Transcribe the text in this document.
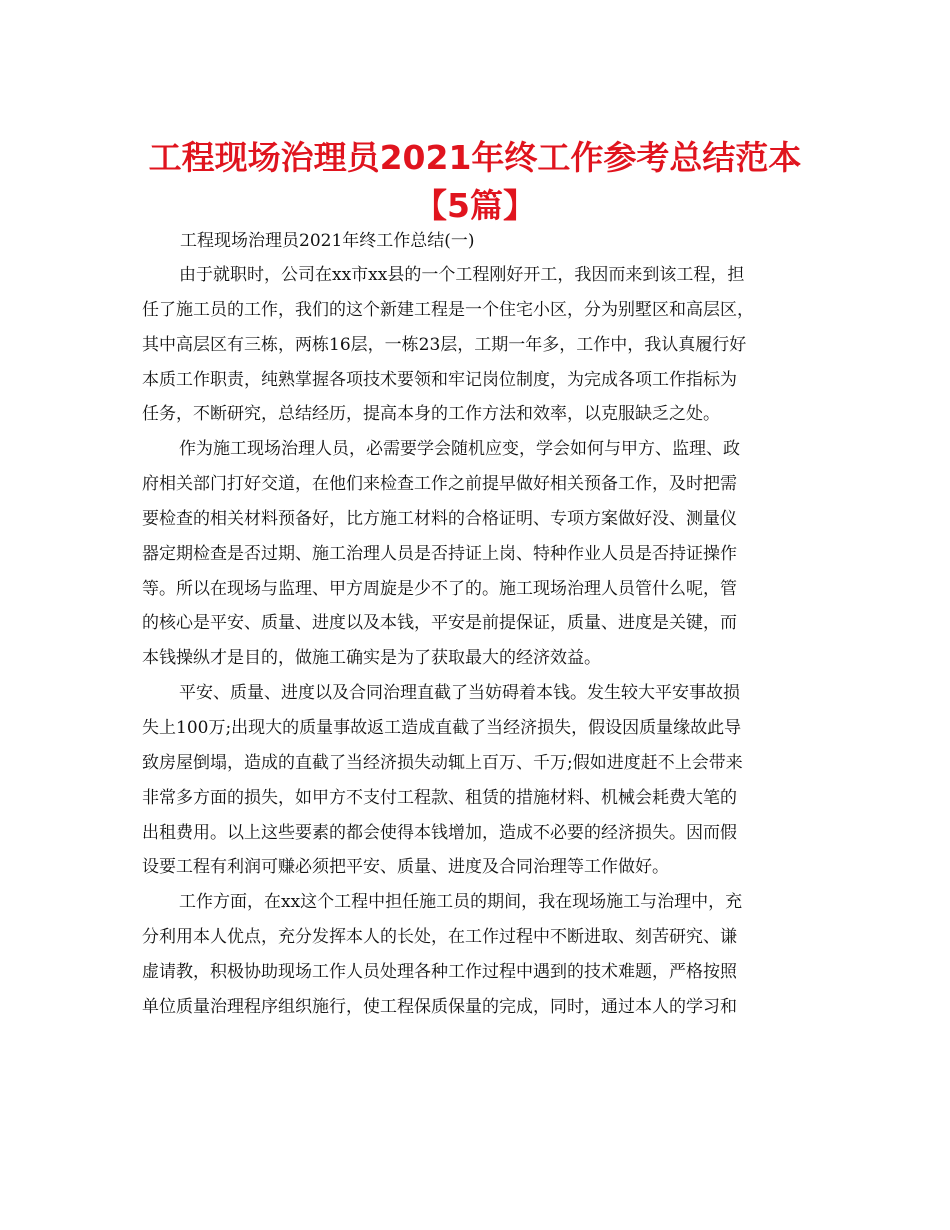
工程现场治理员2021年终工作参考总结范本
【5篇】

工程现场治理员2021年终工作总结(一)

由于就职时，公司在xx市xx县的一个工程刚好开工，我因而来到该工程，担
任了施工员的工作，我们的这个新建工程是一个住宅小区，分为别墅区和高层区，
其中高层区有三栋，两栋16层，一栋23层，工期一年多，工作中，我认真履行好
本质工作职责，纯熟掌握各项技术要领和牢记岗位制度，为完成各项工作指标为
任务，不断研究，总结经历，提高本身的工作方法和效率，以克服缺乏之处。

作为施工现场治理人员，必需要学会随机应变，学会如何与甲方、监理、政
府相关部门打好交道，在他们来检查工作之前提早做好相关预备工作，及时把需
要检查的相关材料预备好，比方施工材料的合格证明、专项方案做好没、测量仪
器定期检查是否过期、施工治理人员是否持证上岗、特种作业人员是否持证操作
等。所以在现场与监理、甲方周旋是少不了的。施工现场治理人员管什么呢，管
的核心是平安、质量、进度以及本钱，平安是前提保证，质量、进度是关键，而
本钱操纵才是目的，做施工确实是为了获取最大的经济效益。

平安、质量、进度以及合同治理直截了当妨碍着本钱。发生较大平安事故损
失上100万;出现大的质量事故返工造成直截了当经济损失，假设因质量缘故此导
致房屋倒塌，造成的直截了当经济损失动辄上百万、千万;假如进度赶不上会带来
非常多方面的损失，如甲方不支付工程款、租赁的措施材料、机械会耗费大笔的
出租费用。以上这些要素的都会使得本钱增加，造成不必要的经济损失。因而假
设要工程有利润可赚必须把平安、质量、进度及合同治理等工作做好。

工作方面，在xx这个工程中担任施工员的期间，我在现场施工与治理中，充
分利用本人优点，充分发挥本人的长处，在工作过程中不断进取、刻苦研究、谦
虚请教，积极协助现场工作人员处理各种工作过程中遇到的技术难题，严格按照
单位质量治理程序组织施行，使工程保质保量的完成，同时，通过本人的学习和
